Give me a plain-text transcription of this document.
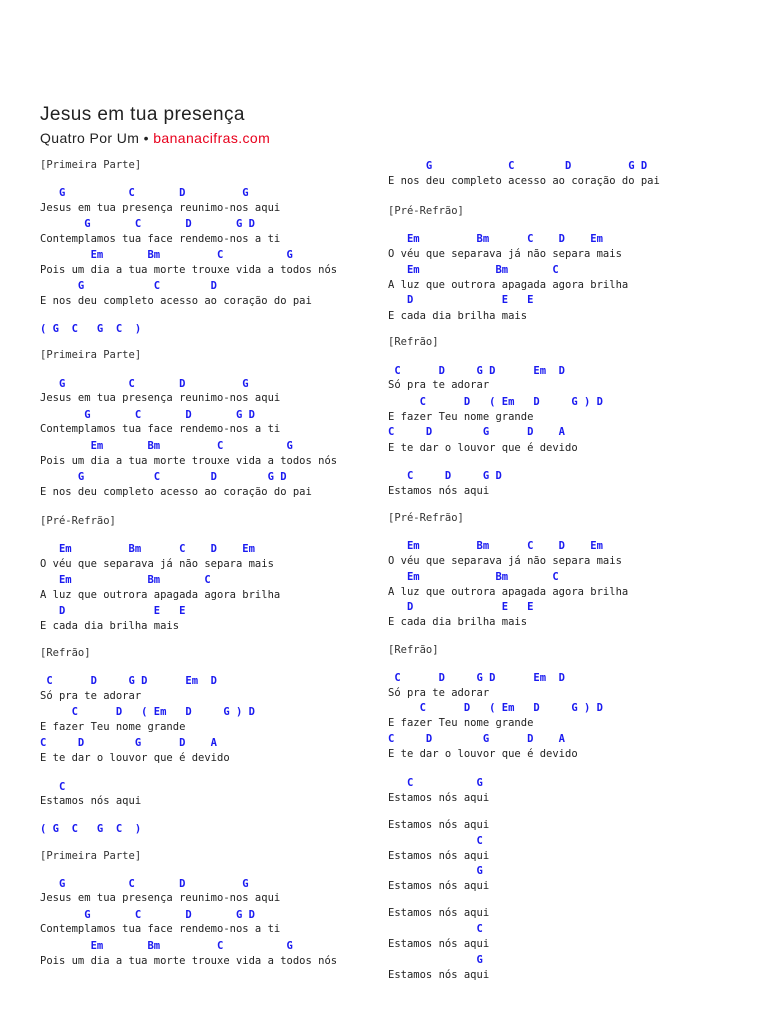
Jesus em tua presença
Quatro Por Um • bananacifras.com
[Primeira Parte]
G          C       D         G
Jesus em tua presença reunimo-nos aqui
G       C       D       G D
Contemplamos tua face rendemo-nos a ti
Em       Bm         C          G
Pois um dia a tua morte trouxe vida a todos nós
G           C        D
E nos deu completo acesso ao coração do pai
( G  C   G  C  )
[Primeira Parte]
G          C       D         G
Jesus em tua presença reunimo-nos aqui
G       C       D       G D
Contemplamos tua face rendemo-nos a ti
Em       Bm         C          G
Pois um dia a tua morte trouxe vida a todos nós
G           C        D        G D
E nos deu completo acesso ao coração do pai
[Pré-Refrão]
Em         Bm      C    D    Em
O véu que separava já não separa mais
Em            Bm       C
A luz que outrora apagada agora brilha
D              E   E
E cada dia brilha mais
[Refrão]
C      D     G D      Em  D
Só pra te adorar
C      D   ( Em   D     G ) D
E fazer Teu nome grande
C     D        G      D    A
E te dar o louvor que é devido
C
Estamos nós aqui
( G  C   G  C  )
[Primeira Parte]
G          C       D         G
Jesus em tua presença reunimo-nos aqui
G       C       D       G D
Contemplamos tua face rendemo-nos a ti
Em       Bm         C          G
Pois um dia a tua morte trouxe vida a todos nós
G            C        D         G D
E nos deu completo acesso ao coração do pai
[Pré-Refrão]
Em         Bm      C    D    Em
O véu que separava já não separa mais
Em            Bm       C
A luz que outrora apagada agora brilha
D              E   E
E cada dia brilha mais
[Refrão]
C      D     G D      Em  D
Só pra te adorar
C      D   ( Em   D     G ) D
E fazer Teu nome grande
C     D        G      D    A
E te dar o louvor que é devido
C     D     G D
Estamos nós aqui
[Pré-Refrão]
Em         Bm      C    D    Em
O véu que separava já não separa mais
Em            Bm       C
A luz que outrora apagada agora brilha
D              E   E
E cada dia brilha mais
[Refrão]
C      D     G D      Em  D
Só pra te adorar
C      D   ( Em   D     G ) D
E fazer Teu nome grande
C     D        G      D    A
E te dar o louvor que é devido
C          G
Estamos nós aqui
Estamos nós aqui
C
Estamos nós aqui
G
Estamos nós aqui
Estamos nós aqui
C
Estamos nós aqui
G
Estamos nós aqui
